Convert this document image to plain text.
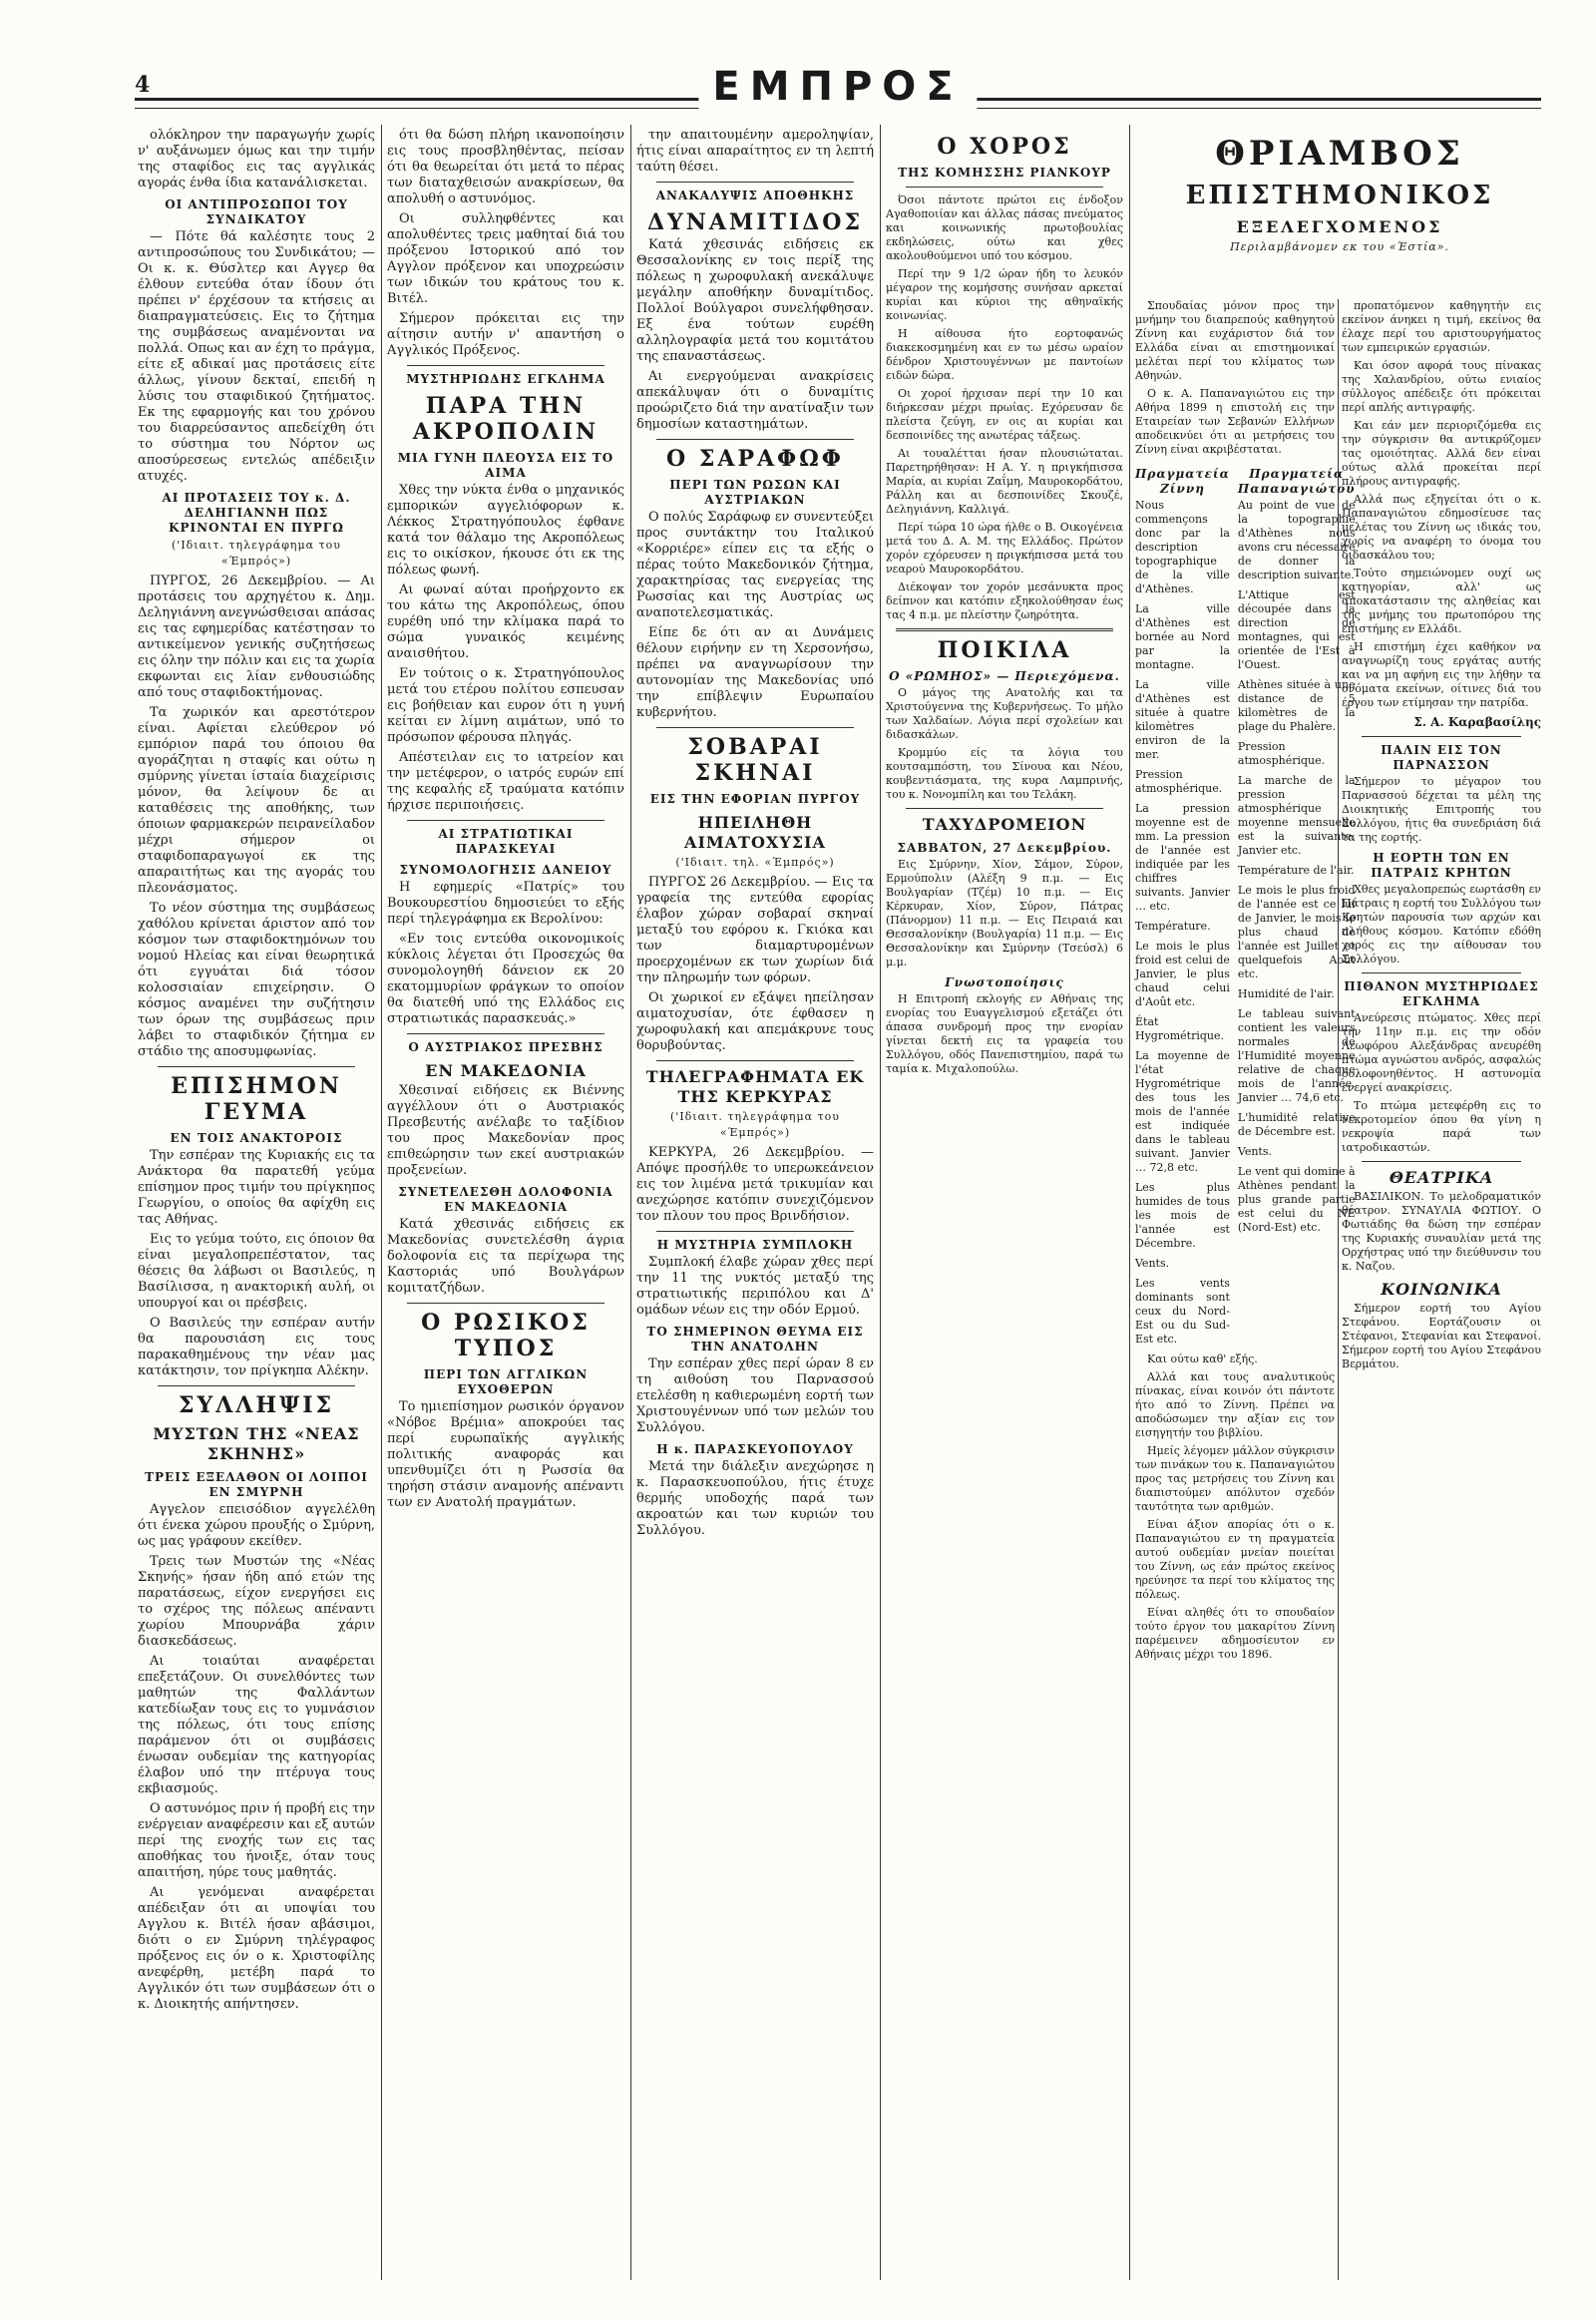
4	ΕΜΠΡΟΣ

ολόκληρον την παραγωγήν χωρίς ν' αυξάνωμεν όμως και την τιμήν της σταφίδος εις τας αγγλικάς αγοράς ένθα ίδια κατανάλισκεται.

ΟΙ ΑΝΤΙΠΡΟΣΩΠΟΙ ΤΟΥ ΣΥΝΔΙΚΑΤΟΥ

— Πότε θά καλέσητε τους 2 αντιπροσώπους του Συνδικάτου; — Οι κ. κ. Θύσλτερ και Αγγερ θα έλθουν εντεύθα όταν ίδουν ότι πρέπει ν' έρχέσουν τα κτήσεις αι διαπραγματεύσεις. Εις το ζήτημα της συμβάσεως αναμένονται να πολλά. Οπως και αν έχη το πράγμα, είτε εξ αδικαί μας προτάσεις είτε άλλως, γίνουν δεκταί, επειδή η λύσις του σταφιδικού ζητήματος. Εκ της εφαρμογής και του χρόνου του διαρρεύσαντος απεδείχθη ότι το σύστημα του Νόρτον ως αποσύρεσεως εντελώς απέδειξιν ατυχές.

ΑΙ ΠΡΟΤΑΣΕΙΣ ΤΟΥ κ. Δ. ΔΕΛΗΓΙΑΝΝΗ ΠΩΣ ΚΡΙΝΟΝΤΑΙ ΕΝ ΠΥΡΓΩ
('Ιδιαιτ. τηλεγράφημα του «Έμπρός»)

ΠΥΡΓΟΣ, 26 Δεκεμβρίου. — Αι προτάσεις του αρχηγέτου κ. Δημ. Δεληγιάννη ανεγνώσθεισαι απάσας εις τας εφημερίδας κατέστησαν το αντικείμενον γενικής συζητήσεως εις όλην την πόλιν και εις τα χωρία εκφωνται εις λίαν ενθουσιώδης από τους σταφιδοκτήμονας.

Τα χωρικόν και αρεστότερον είναι. Αφίεται ελεύθερον νό εμπόριον παρά του όποιου θα αγοράζηται η σταφίς και ούτω η σμύρνης γίνεται ίσταία διαχείρισις μόνον, θα λείψουν δε αι καταθέσεις της αποθήκης, των όποιων φαρμακερών πειρανείλαδον μέχρι σήμερον οι σταφιδοπαραγωγοί εκ της απαραιτήτως και της αγοράς του πλεονάσματος.

Το νέον σύστημα της συμβάσεως χαθόλου κρίνεται άριστον από τον κόσμον των σταφιδοκτημόνων του νομού Ηλείας και είναι θεωρητικά ότι εγγυάται διά τόσον κολοσσιαίαν επιχείρησιν. Ο κόσμος αναμένει την συζήτησιν των όρων της συμβάσεως πριν λάβει το σταφιδικόν ζήτημα εν στάδιο της αποσυμφωνίας.

ΕΠΙΣΗΜΟΝ ΓΕΥΜΑ
ΕΝ ΤΟΙΣ ΑΝΑΚΤΟΡΟΙΣ

Την εσπέραν της Κυριακής εις τα Ανάκτορα θα παρατεθή γεύμα επίσημον προς τιμήν του πρίγκηπος Γεωργίου, ο οποίος θα αφίχθη εις τας Αθήνας.

Εις το γεύμα τούτο, εις όποιον θα είναι μεγαλοπρεπέστατον, τας θέσεις θα λάβωσι οι Βασιλεύς, η Βασίλισσα, η ανακτορική αυλή, οι υπουργοί και οι πρέσβεις.

Ο Βασιλεύς την εσπέραν αυτήν θα παρουσιάση εις τους παρακαθημένους την νέαν μας κατάκτησιν, τον πρίγκηπα Αλέκην.

ΣΥΛΛΗΨΙΣ
ΜΥΣΤΩΝ ΤΗΣ «ΝΕΑΣ ΣΚΗΝΗΣ»
ΤΡΕΙΣ ΕΞΕΛΑΘΟΝ ΟΙ ΛΟΙΠΟΙ ΕΝ ΣΜΥΡΝΗ

Αγγελον επεισόδιον αγγελέλθη ότι ένεκα χώρου προυξής ο Σμύρνη, ως μας γράφουν εκείθεν.

Τρεις των Μυστών της «Νέας Σκηνής» ήσαν ήδη από ετών της παρατάσεως, είχον ενεργήσει εις το σχέρος της πόλεως απέναντι χωρίου Μπουρνάβα χάριν διασκεδάσεως.

Αι τοιαύται αναφέρεται επεξετάζουν. Οι συνελθόντες των μαθητών της Φαλλάντων κατεδίωξαν τους εις το γυμνάσιον της πόλεως, ότι τους επίσης παράμενον ότι οι συμβάσεις ένωσαν ουδεμίαν της κατηγορίας έλαβον υπό την πτέρυγα τους εκβιασμούς.

Ο αστυνόμος πριν ή προβή εις την ενέργειαν αναφέρεσιν και εξ αυτών περί της ενοχής των εις τας αποθήκας του ήνοιξε, όταν τους απαιτήση, ηύρε τους μαθητάς.

Αι γενόμεναι αναφέρεται απέδειξαν ότι αι υποψίαι του Αγγλου κ. Βιτέλ ήσαν αβάσιμοι, διότι ο εν Σμύρνη τηλέγραφος πρόξενος εις όν ο κ. Χριστοφίλης ανεφέρθη, μετέβη παρά το Αγγλικόν ότι των συμβάσεων ότι ο κ. Διοικητής απήντησεν.

ότι θα δώση πλήρη ικανοποίησιν εις τους προσβληθέντας, πείσαν ότι θα θεωρείται ότι μετά το πέρας των διαταχθεισών ανακρίσεων, θα απολυθή ο αστυνόμος.

Οι συλληφθέντες και απολυθέντες τρεις μαθηταί διά του πρόξενου Ιστορικού από τον Αγγλον πρόξενον και υποχρεώσιν των ιδικών του κράτους του κ. Βιτέλ.

Σήμερον πρόκειται εις την αίτησιν αυτήν ν' απαντήση ο Αγγλικός Πρόξενος.

ΜΥΣΤΗΡΙΩΔΗΣ ΕΓΚΛΗΜΑ
ΠΑΡΑ ΤΗΝ ΑΚΡΟΠΟΛΙΝ
ΜΙΑ ΓΥΝΗ ΠΛΕΟΥΣΑ ΕΙΣ ΤΟ ΑΙΜΑ

Χθες την νύκτα ένθα ο μηχανικός εμπορικών αγγελιόφορων κ. Λέκκος Στρατηγόπουλος έφθανε κατά τον θάλαμο της Ακροπόλεως εις το οικίσκον, ήκουσε ότι εκ της πόλεως φωνή.

Αι φωναί αύται προήρχοντο εκ του κάτω της Ακροπόλεως, όπου ευρέθη υπό την κλίμακα παρά το σώμα γυναικός κειμένης αναισθήτου.

Εν τούτοις ο κ. Στρατηγόπουλος μετά του ετέρου πολίτου εσπευσαν εις βοήθειαν και ευρον ότι η γυνή κείται εν λίμνη αιμάτων, υπό το πρόσωπον φέρουσα πληγάς.

Απέστειλαν εις το ιατρείον και την μετέφερον, ο ιατρός ευρών επί της κεφαλής εξ τραύματα κατόπιν ήρχισε περιποιήσεις.

ΑΙ ΣΤΡΑΤΙΩΤΙΚΑΙ ΠΑΡΑΣΚΕΥΑΙ
ΣΥΝΟΜΟΛΟΓΗΣΙΣ ΔΑΝΕΙΟΥ

Η εφημερίς «Πατρίς» του Βουκουρεστίου δημοσιεύει το εξής περί τηλεγράφημα εκ Βερολίνου:

«Εν τοις εντεύθα οικονομικοίς κύκλοις λέγεται ότι Προσεχώς θα συνομολογηθή δάνειον εκ 20 εκατομμυρίων φράγκων το οποίον θα διατεθή υπό της Ελλάδος εις στρατιωτικάς παρασκευάς.»

Ο ΑΥΣΤΡΙΑΚΟΣ ΠΡΕΣΒΗΣ
ΕΝ ΜΑΚΕΔΟΝΙΑ

Χθεσιναί ειδήσεις εκ Βιέννης αγγέλλουν ότι ο Αυστριακός Πρεσβευτής ανέλαβε το ταξίδιον του προς Μακεδονίαν προς επιθεώρησιν των εκεί αυστριακών προξενείων.

ΣΥΝΕΤΕΛΕΣΘΗ ΔΟΛΟΦΟΝΙΑ ΕΝ ΜΑΚΕΔΟΝΙΑ

Κατά χθεσινάς ειδήσεις εκ Μακεδονίας συνετελέσθη άγρια δολοφονία εις τα περίχωρα της Καστοριάς υπό Βουλγάρων κομιτατζήδων.

Ο ΡΩΣΙΚΟΣ ΤΥΠΟΣ
ΠΕΡΙ ΤΩΝ ΑΓΓΛΙΚΩΝ ΕΥΧΟΘΕΡΩΝ

Το ημιεπίσημον ρωσικόν όργανον «Νόβοε Βρέμια» αποκρούει τας περί ευρωπαϊκής αγγλικής πολιτικής αναφοράς και υπενθυμίζει ότι η Ρωσσία θα τηρήση στάσιν αναμονής απέναντι των εν Ανατολή πραγμάτων.

την απαιτουμένην αμεροληψίαν, ήτις είναι απαραίτητος εν τη λεπτή ταύτη θέσει.

ΑΝΑΚΑΛΥΨΙΣ ΑΠΟΘΗΚΗΣ
ΔΥΝΑΜΙΤΙΔΟΣ

Κατά χθεσινάς ειδήσεις εκ Θεσσαλονίκης εν τοις περίξ της πόλεως η χωροφυλακή ανεκάλυψε μεγάλην αποθήκην δυναμίτιδος. Πολλοί Βούλγαροι συνελήφθησαν. Εξ ένα τούτων ευρέθη αλληλογραφία μετά του κομιτάτου της επαναστάσεως.

Αι ενεργούμεναι ανακρίσεις απεκάλυψαν ότι ο δυναμίτις προώριζετο διά την ανατίναξιν των δημοσίων καταστημάτων.

Ο ΣΑΡΑΦΩΦ
ΠΕΡΙ ΤΩΝ ΡΩΣΩΝ ΚΑΙ ΑΥΣΤΡΙΑΚΩΝ

Ο πολύς Σαράφωφ εν συνεντεύξει προς συντάκτην του Ιταλικού «Κορριέρε» είπεν εις τα εξής ο πέρας τούτο Μακεδονικόν ζήτημα, χαρακτηρίσας τας ενεργείας της Ρωσσίας και της Αυστρίας ως αναποτελεσματικάς.

Είπε δε ότι αν αι Δυνάμεις θέλουν ειρήνην εν τη Χερσονήσω, πρέπει να αναγνωρίσουν την αυτονομίαν της Μακεδονίας υπό την επίβλεψιν Ευρωπαίου κυβερνήτου.

ΣΟΒΑΡΑΙ ΣΚΗΝΑΙ
ΕΙΣ ΤΗΝ ΕΦΟΡΙΑΝ ΠΥΡΓΟΥ
ΗΠΕΙΛΗΘΗ ΑΙΜΑΤΟΧΥΣΙΑ
('Ιδιαιτ. τηλ. «Έμπρός»)

ΠΥΡΓΟΣ 26 Δεκεμβρίου. — Εις τα γραφεία της εντεύθα εφορίας έλαβον χώραν σοβαραί σκηναί μεταξύ του εφόρου κ. Γκιόκα και των διαμαρτυρομένων προερχομένων εκ των χωρίων διά την πληρωμήν των φόρων.

Οι χωρικοί εν εξάψει ηπείλησαν αιματοχυσίαν, ότε έφθασεν η χωροφυλακή και απεμάκρυνε τους θορυβούντας.

ΤΗΛΕΓΡΑΦΗΜΑΤΑ ΕΚ ΤΗΣ ΚΕΡΚΥΡΑΣ
('Ιδιαιτ. τηλεγράφημα του «Έμπρός»)

ΚΕΡΚΥΡΑ, 26 Δεκεμβρίου. — Απόψε προσήλθε το υπερωκεάνειον εις τον λιμένα μετά τρικυμίαν και ανεχώρησε κατόπιν συνεχιζόμενον τον πλουν του προς Βρινδήσιον.

Η ΜΥΣΤΗΡΙΑ ΣΥΜΠΛΟΚΗ

Συμπλοκή έλαβε χώραν χθες περί την 11 της νυκτός μεταξύ της στρατιωτικής περιπόλου και Δ' ομάδων νέων εις την οδόν Ερμού.

ΤΟ ΣΗΜΕΡΙΝΟΝ ΘΕΥΜΑ ΕΙΣ ΤΗΝ ΑΝΑΤΟΛΗΝ

Την εσπέραν χθες περί ώραν 8 εν τη αιθούση του Παρνασσού ετελέσθη η καθιερωμένη εορτή των Χριστουγέννων υπό των μελών του Συλλόγου.

Η κ. ΠΑΡΑΣΚΕΥΟΠΟΥΛΟΥ

Μετά την διάλεξιν ανεχώρησε η κ. Παρασκευοπούλου, ήτις έτυχε θερμής υποδοχής παρά των ακροατών και των κυριών του Συλλόγου.

Ο ΧΟΡΟΣ
ΤΗΣ ΚΟΜΗΣΣΗΣ ΡΙΑΝΚΟΥΡ

Όσοι πάντοτε πρώτοι εις ένδοξον Αγαθοποιίαν και άλλας πάσας πνεύματος και κοινωνικής πρωτοβουλίας εκδηλώσεις, ούτω και χθες ακολουθούμενοι υπό του κόσμου.

Περί την 9 1/2 ώραν ήδη το λευκόν μέγαρον της κομήσσης συνήσαν αρκεταί κυρίαι και κύριοι της αθηναϊκής κοινωνίας.

Η αίθουσα ήτο εορτοφανώς διακεκοσμημένη και εν τω μέσω ωραίον δένδρον Χριστουγέννων με παντοίων ειδών δώρα.

Οι χοροί ήρχισαν περί την 10 και διήρκεσαν μέχρι πρωίας. Εχόρευσαν δε πλείστα ζεύγη, εν οις αι κυρίαι και δεσποινίδες της ανωτέρας τάξεως.

Αι τουαλέτται ήσαν πλουσιώταται. Παρετηρήθησαν: Η Α. Υ. η πριγκήπισσα Μαρία, αι κυρίαι Ζαΐμη, Μαυροκορδάτου, Ράλλη και αι δεσποινίδες Σκουζέ, Δεληγιάννη, Καλλιγά.

Περί τώρα 10 ώρα ήλθε ο Β. Οικογένεια μετά του Δ. Α. Μ. της Ελλάδος. Πρώτον χορόν εχόρευσεν η πριγκήπισσα μετά του νεαρού Μαυροκορδάτου.

Διέκοψαν τον χορόν μεσάνυκτα προς δείπνον και κατόπιν εξηκολούθησαν έως τας 4 π.μ. με πλείστην ζωηρότητα.

ΠΟΙΚΙΛΑ
Ο «ΡΩΜΗΟΣ» — Περιεχόμενα.

Ο μάγος της Ανατολής και τα Χριστούγεννα της Κυβερνήσεως. Το μήλο των Χαλδαίων. Λόγια περί σχολείων και διδασκάλων.

Κρομμύο είς τα λόγια του κουτσαμπόστη, του Σίνουα και Νέου, κουβεντιάσματα, της κυρα Λαμπρινής, του κ. Νονομπίλη και του Τελάκη.

ΤΑΧΥΔΡΟΜΕΙΟΝ
ΣΑΒΒΑΤΟΝ, 27 Δεκεμβρίου.

Εις Σμύρνην, Χίον, Σάμον, Σύρον, Ερμούπολιν (Αλέξη 9 π.μ. — Εις Βουλγαρίαν (Τζέμ) 10 π.μ. — Εις Κέρκυραν, Χίον, Σύρον, Πάτρας (Πάνορμον) 11 π.μ. — Εις Πειραιά και Θεσσαλονίκην (Βουλγαρία) 11 π.μ. — Εις Θεσσαλονίκην και Σμύρνην (Τσεύσλ) 6 μ.μ.

Γνωστοποίησις

Η Επιτροπή εκλογής εν Αθήναις της ενορίας του Ευαγγελισμού εξετάζει ότι άπασα συνδρομή προς την ενορίαν γίνεται δεκτή εις τα γραφεία του Συλλόγου, οδός Πανεπιστημίου, παρά τω ταμία κ. Μιχαλοπούλω.

ΘΡΙΑΜΒΟΣ
ΕΠΙΣΤΗΜΟΝΙΚΟΣ
ΕΞΕΛΕΓΧΟΜΕΝΟΣ
Περιλαμβάνομεν εκ του «Έστία».

Σπουδαίας μόνον προς την μνήμην του διαπρεπούς καθηγητού Ζίννη και ευχάριστον διά τον Ελλάδα είναι αι επιστημονικαί μελέται περί του κλίματος των Αθηνών.

Ο κ. Α. Παπαναγιώτου εις την Αθήνα 1899 η επιστολή εις την Εταιρείαν των Σεβανών Ελλήνων αποδεικνύει ότι αι μετρήσεις του Ζίννη είναι ακριβέσταται.

Πραγματεία Ζίννη

Nous commençons donc par la description topographique de la ville d'Athènes.

La ville d'Athènes est bornée au Nord par la montagne.

La ville d'Athènes est située à quatre kilomètres environ de la mer.

Pression atmosphérique.

La pression moyenne est de mm. La pression de l'année est indiquée par les chiffres suivants. Janvier … etc.

Température.

Le mois le plus froid est celui de Janvier, le plus chaud celui d'Août etc.

État Hygrométrique.

La moyenne de l'état Hygrométrique des tous les mois de l'année est indiquée dans le tableau suivant. Janvier … 72,8 etc.

Les plus humides de tous les mois de l'année est Décembre.

Vents.

Les vents dominants sont ceux du Nord-Est ou du Sud-Est etc.

Πραγματεία Παπαναγιώτου

Au point de vue de la topographie d'Athènes nous avons cru nécessaire de donner la description suivante.

L'Attique est découpée dans la direction de montagnes, qui est orientée de l'Est à l'Ouest.

Athènes située à une distance de 5 kilomètres de la plage du Phalère.

Pression atmosphérique.

La marche de la pression atmosphérique moyenne mensuelle est la suivante. Janvier etc.

Température de l'air.

Le mois le plus froid de l'année est ce lui de Janvier, le mois le plus chaud de l'année est Juillet et quelquefois Août etc.

Humidité de l'air.

Le tableau suivant contient les valeurs normales de l'Humidité moyenne relative de chaque mois de l'année. Janvier … 74,6 etc.

L'humidité relative de Décembre est.

Vents.

Le vent qui domine à Athènes pendant la plus grande partie est celui du NE (Nord-Est) etc.

Και ούτω καθ' εξής.

Αλλά και τους αναλυτικούς πίνακας, είναι κοινόν ότι πάντοτε ήτο από το Ζίννη. Πρέπει να αποδώσωμεν την αξίαν εις τον εισηγητήν του βιβλίου.

Ημείς λέγομεν μάλλον σύγκρισιν των πινάκων του κ. Παπαναγιώτου προς τας μετρήσεις του Ζίννη και διαπιστούμεν απόλυτον σχεδόν ταυτότητα των αριθμών.

Είναι άξιον απορίας ότι ο κ. Παπαναγιώτου εν τη πραγματεία αυτού ουδεμίαν μνείαν ποιείται του Ζίννη, ως εάν πρώτος εκείνος ηρεύνησε τα περί του κλίματος της πόλεως.

Είναι αληθές ότι το σπουδαίον τούτο έργον του μακαρίτου Ζίννη παρέμεινεν αδημοσίευτον εν Αθήναις μέχρι του 1896.

προπατόμενον καθηγητήν εις εκείνον άνηκει η τιμή, εκείνος θα έλαχε περί του αριστουργήματος των εμπειρικών εργασιών.

Και όσον αφορά τους πίνακας της Χαλανδρίου, ούτω ενιαίος σύλλογος απέδειξε ότι πρόκειται περί απλής αντιγραφής.

Και εάν μεν περιοριζόμεθα εις την σύγκρισιν θα αντικρύζομεν τας ομοιότητας. Αλλά δεν είναι ούτως αλλά προκείται περί πλήρους αντιγραφής.

Αλλά πως εξηγείται ότι ο κ. Παπαναγιώτου εδημοσίευσε τας μελέτας του Ζίννη ως ιδικάς του, χωρίς να αναφέρη το όνομα του διδασκάλου του;

Τούτο σημειώνομεν ουχί ως κατηγορίαν, αλλ' ως αποκατάστασιν της αληθείας και της μνήμης του πρωτοπόρου της επιστήμης εν Ελλάδι.

Η επιστήμη έχει καθήκον να αναγνωρίζη τους εργάτας αυτής και να μη αφήνη εις την λήθην τα ονόματα εκείνων, οίτινες διά του έργου των ετίμησαν την πατρίδα.

Σ. Α. Καραβασίλης
ΠΑΛΙΝ ΕΙΣ ΤΟΝ ΠΑΡΝΑΣΣΟΝ

Σήμερον το μέγαρον του Παρνασσού δέχεται τα μέλη της Διοικητικής Επιτροπής του Συλλόγου, ήτις θα συνεδριάση διά τα της εορτής.

Η ΕΟΡΤΗ ΤΩΝ ΕΝ ΠΑΤΡΑΙΣ ΚΡΗΤΩΝ

Χθες μεγαλοπρεπώς εωρτάσθη εν Πάτραις η εορτή του Συλλόγου των Κρητών παρουσία των αρχών και πλήθους κόσμου. Κατόπιν εδόθη χορός εις την αίθουσαν του Συλλόγου.

ΠΙΘΑΝΟΝ ΜΥΣΤΗΡΙΩΔΕΣ ΕΓΚΛΗΜΑ

Ανεύρεσις πτώματος. Χθες περί την 11ην π.μ. εις την οδόν Λεωφόρου Αλεξάνδρας ανευρέθη πτώμα αγνώστου ανδρός, ασφαλώς δολοφονηθέντος. Η αστυνομία ενεργεί ανακρίσεις.

Το πτώμα μετεφέρθη εις το νεκροτομείον όπου θα γίνη η νεκροψία παρά των ιατροδικαστών.

ΘΕΑΤΡΙΚΑ

ΒΑΣΙΛΙΚΟΝ. Το μελοδραματικόν θέατρον. ΣΥΝΑΥΛΙΑ ΦΩΤΙΟΥ. Ο Φωτιάδης θα δώση την εσπέραν της Κυριακής συναυλίαν μετά της Ορχήστρας υπό την διεύθυνσιν του κ. Ναζου.

ΚΟΙΝΩΝΙΚΑ

Σήμερον εορτή του Αγίου Στεφάνου. Εορτάζουσιν οι Στέφανοι, Στεφανίαι και Στεφανοί. Σήμερον εορτή του Αγίου Στεφάνου Βερμάτου.
